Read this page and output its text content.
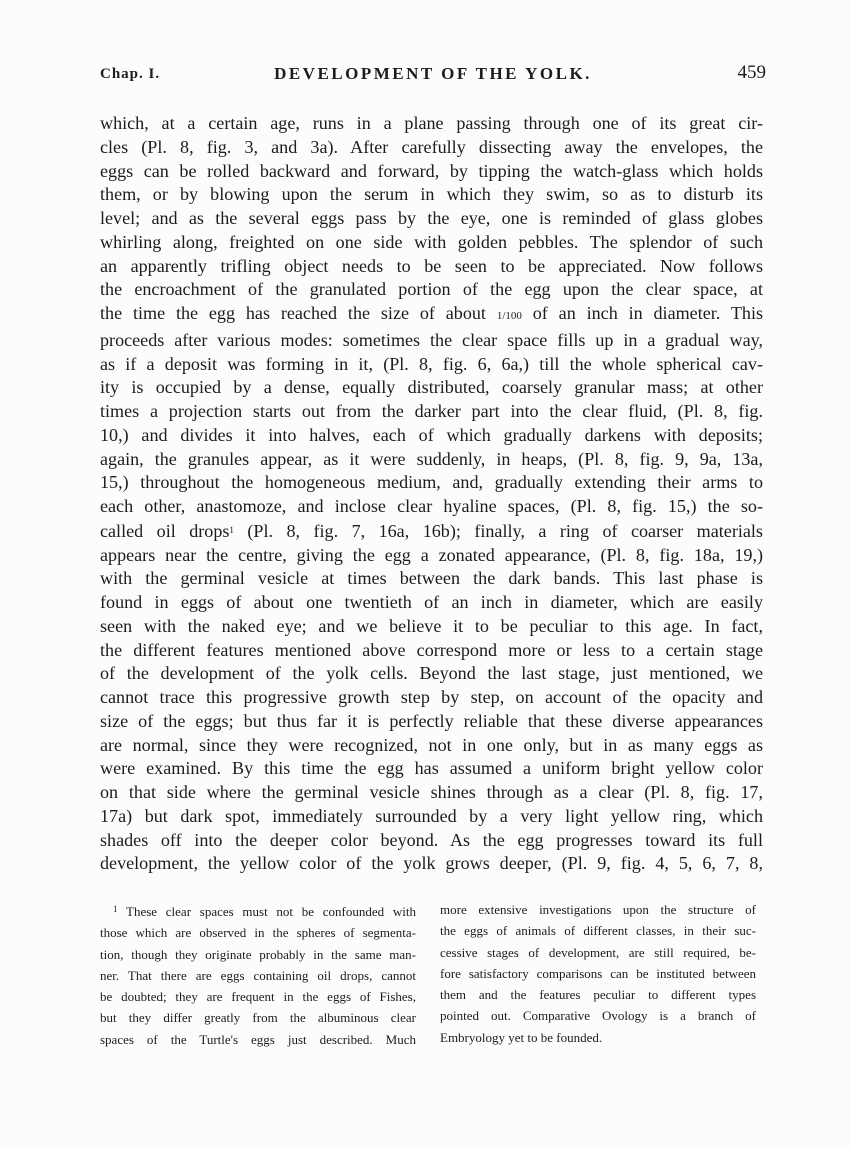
Chap. I.	DEVELOPMENT OF THE YOLK.	459
which, at a certain age, runs in a plane passing through one of its great cir-
cles (Pl. 8, fig. 3, and 3a). After carefully dissecting away the envelopes, the
eggs can be rolled backward and forward, by tipping the watch-glass which holds
them, or by blowing upon the serum in which they swim, so as to disturb its
level; and as the several eggs pass by the eye, one is reminded of glass globes
whirling along, freighted on one side with golden pebbles. The splendor of such
an apparently trifling object needs to be seen to be appreciated. Now follows
the encroachment of the granulated portion of the egg upon the clear space, at
the time the egg has reached the size of about 1/100 of an inch in diameter. This
proceeds after various modes: sometimes the clear space fills up in a gradual way,
as if a deposit was forming in it, (Pl. 8, fig. 6, 6a,) till the whole spherical cav-
ity is occupied by a dense, equally distributed, coarsely granular mass; at other
times a projection starts out from the darker part into the clear fluid, (Pl. 8, fig.
10,) and divides it into halves, each of which gradually darkens with deposits;
again, the granules appear, as it were suddenly, in heaps, (Pl. 8, fig. 9, 9a, 13a,
15,) throughout the homogeneous medium, and, gradually extending their arms to
each other, anastomoze, and inclose clear hyaline spaces, (Pl. 8, fig. 15,) the so-
called oil drops$^1$ (Pl. 8, fig. 7, 16a, 16b); finally, a ring of coarser materials
appears near the centre, giving the egg a zonated appearance, (Pl. 8, fig. 18a, 19,)
with the germinal vesicle at times between the dark bands. This last phase is
found in eggs of about one twentieth of an inch in diameter, which are easily
seen with the naked eye; and we believe it to be peculiar to this age. In fact,
the different features mentioned above correspond more or less to a certain stage
of the development of the yolk cells. Beyond the last stage, just mentioned, we
cannot trace this progressive growth step by step, on account of the opacity and
size of the eggs; but thus far it is perfectly reliable that these diverse appearances
are normal, since they were recognized, not in one only, but in as many eggs as
were examined. By this time the egg has assumed a uniform bright yellow color
on that side where the germinal vesicle shines through as a clear (Pl. 8, fig. 17,
17a) but dark spot, immediately surrounded by a very light yellow ring, which
shades off into the deeper color beyond. As the egg progresses toward its full
development, the yellow color of the yolk grows deeper, (Pl. 9, fig. 4, 5, 6, 7, 8,
 $^1$ These clear spaces must not be confounded with
those which are observed in the spheres of segmenta-
tion, though they originate probably in the same man-
ner. That there are eggs containing oil drops, cannot
be doubted; they are frequent in the eggs of Fishes,
but they differ greatly from the albuminous clear
spaces of the Turtle's eggs just described. Much
more extensive investigations upon the structure of
the eggs of animals of different classes, in their suc-
cessive stages of development, are still required, be-
fore satisfactory comparisons can be instituted between
them and the features peculiar to different types
pointed out. Comparative Ovology is a branch of
Embryology yet to be founded.
